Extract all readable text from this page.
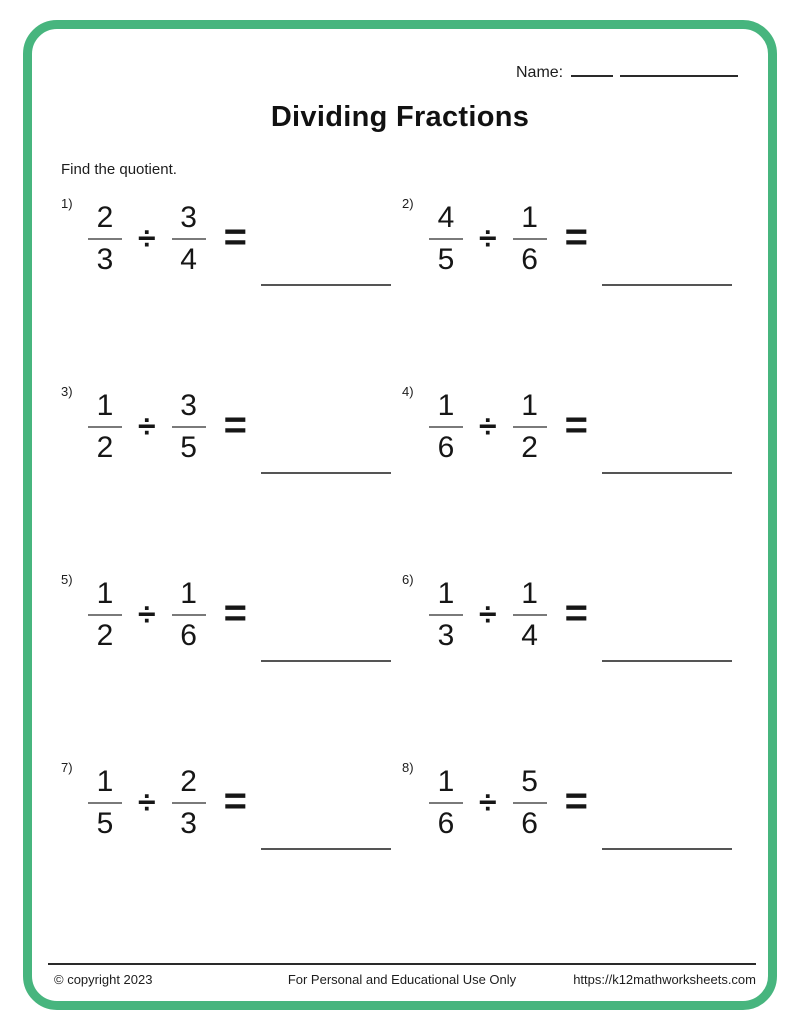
Name:
Dividing Fractions
Find the quotient.
$1) \frac{2}{3} \div \frac{3}{4}$ =
$2) \frac{4}{5} \div \frac{1}{6}$ =
$3) \frac{1}{2} \div \frac{3}{5}$ =
$4) \frac{1}{6} \div \frac{1}{2}$ =
$5) \frac{1}{2} \div \frac{1}{6}$ =
$6) \frac{1}{3} \div \frac{1}{4}$ =
$7) \frac{1}{5} \div \frac{2}{3}$ =
$8) \frac{1}{6} \div \frac{5}{6}$ =
© copyright 2023	For Personal and Educational Use Only	https://k12mathworksheets.com
